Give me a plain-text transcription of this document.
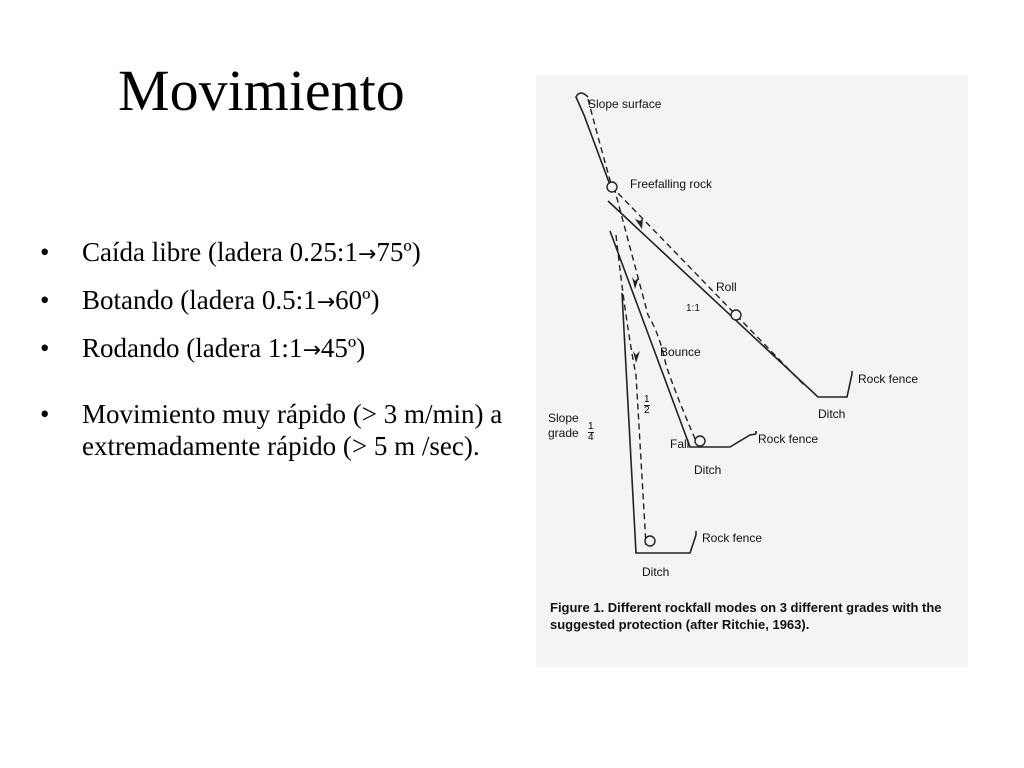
Movimiento
• Caída libre (ladera 0.25:1→75º)
• Botando (ladera 0.5:1→60º)
• Rodando (ladera 1:1→45º)
• Movimiento muy rápido (> 3 m/min) a extremadamente rápido (> 5 m /sec).
Slope surface
Freefalling rock
Roll
1:1
Bounce
Fall
Slope grade $\frac{1}{4}$
$\frac{1}{2}$
Rock fence
Rock fence
Rock fence
Ditch
Ditch
Ditch
Figure 1. Different rockfall modes on 3 different grades with the suggested protection (after Ritchie, 1963).
